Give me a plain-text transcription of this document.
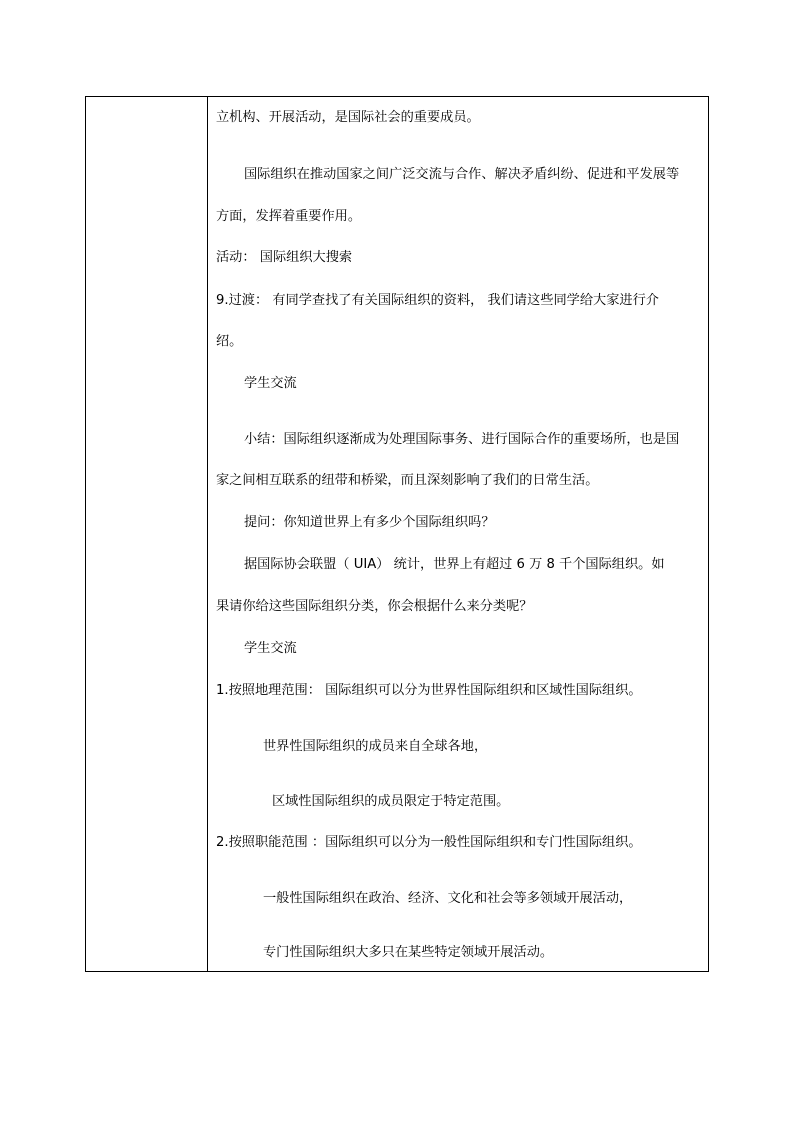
立机构、开展活动，是国际社会的重要成员。
国际组织在推动国家之间广泛交流与合作、解决矛盾纠纷、促进和平发展等
方面，发挥着重要作用。
活动： 国际组织大搜索
9.过渡： 有同学查找了有关国际组织的资料， 我们请这些同学给大家进行介
绍。
学生交流
小结：国际组织逐渐成为处理国际事务、进行国际合作的重要场所，也是国
家之间相互联系的纽带和桥梁，而且深刻影响了我们的日常生活。
提问：你知道世界上有多少个国际组织吗？
据国际协会联盟（ UIA） 统计，世界上有超过 6 万 8 千个国际组织。如
果请你给这些国际组织分类，你会根据什么来分类呢？
学生交流
1.按照地理范围： 国际组织可以分为世界性国际组织和区域性国际组织。
世界性国际组织的成员来自全球各地，
区域性国际组织的成员限定于特定范围。
2.按照职能范围 ：国际组织可以分为一般性国际组织和专门性国际组织。
一般性国际组织在政治、经济、文化和社会等多领域开展活动，
专门性国际组织大多只在某些特定领域开展活动。
